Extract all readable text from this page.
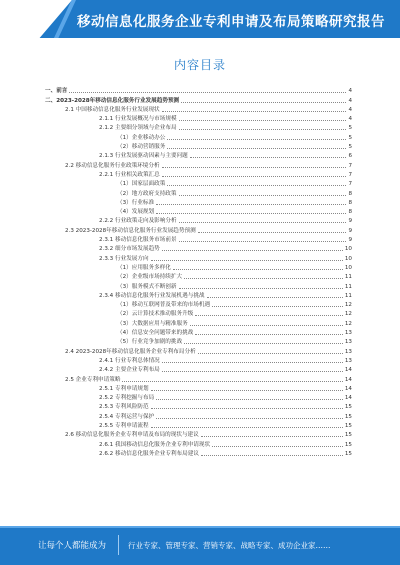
移动信息化服务企业专利申请及布局策略研究报告
内容目录
一、前言	4
二、2023-2028年移动信息化服务行业发展趋势预测	4
2.1 中国移动信息化服务行业发展现状	4
2.1.1 行业发展概况与市场规模	4
2.1.2 主要细分领域与企业布局	5
（1）企业移动办公	5
（2）移动营销服务	5
2.1.3 行业发展驱动因素与主要问题	6
2.2 移动信息化服务行业政策环境分析	7
2.2.1 行业相关政策汇总	7
（1）国家层面政策	7
（2）地方政府支持政策	8
（3）行业标准	8
（4）发展规划	8
2.2.2 行业政策走向及影响分析	9
2.3 2023-2028年移动信息化服务行业发展趋势预测	9
2.3.1 移动信息化服务市场前景	9
2.3.2 细分市场发展趋势	10
2.3.3 行业发展方向	10
（1）应用服务多样化	10
（2）企业级市场持续扩大	11
（3）服务模式不断创新	11
2.3.4 移动信息化服务行业发展机遇与挑战	11
（1）移动互联网普及带来的市场机遇	12
（2）云计算技术推动服务升级	12
（3）大数据应用与精准服务	12
（4）信息安全问题带来的挑战	13
（5）行业竞争加剧的挑战	13
2.4 2023-2028年移动信息化服务企业专利布局分析	13
2.4.1 行业专利总体情况	13
2.4.2 主要企业专利布局	14
2.5 企业专利申请策略	14
2.5.1 专利申请规划	14
2.5.2 专利挖掘与布局	14
2.5.3 专利风险防范	15
2.5.4 专利运营与保护	15
2.5.5 专利申请流程	15
2.6 移动信息化服务企业专利申请及布局的现状与建议	15
2.6.1 我国移动信息化服务企业专利申请现状	15
2.6.2 移动信息化服务企业专利布局建议	15
让每个人都能成为	行业专家、管理专家、营销专家、战略专家、成功企业家……
